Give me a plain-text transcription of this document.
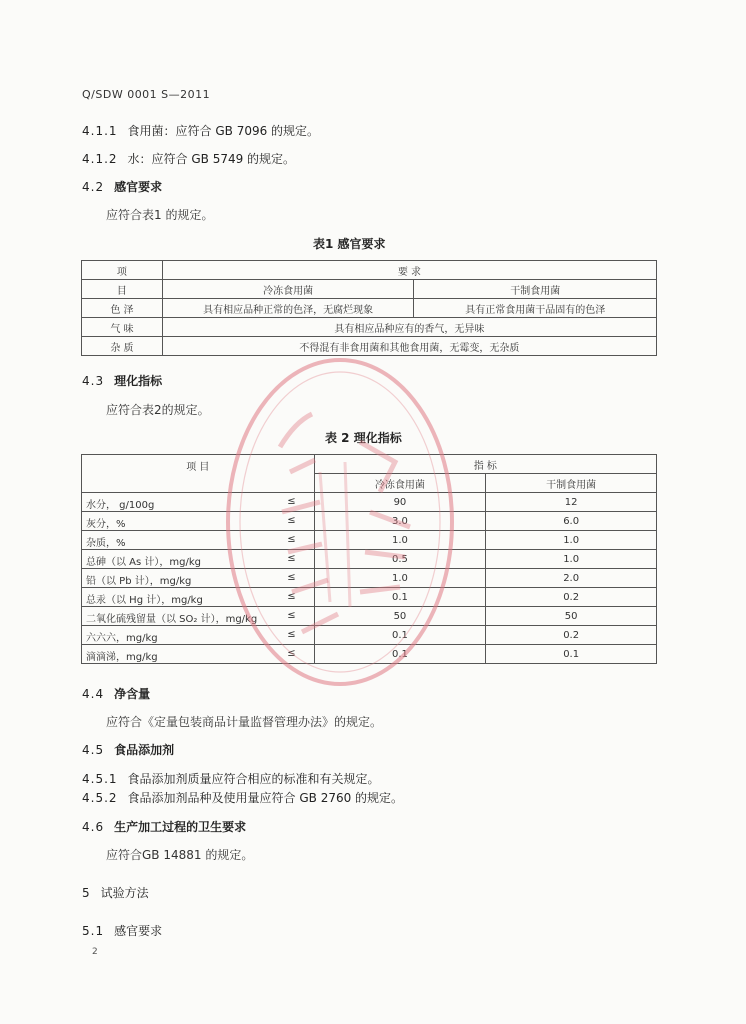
Q/SDW 0001 S—2011
4.1.1 食用菌：应符合 GB 7096 的规定。
4.1.2 水：应符合 GB 5749 的规定。
4.2 感官要求
应符合表1 的规定。
表1 感官要求
项	要 求	
目	冷冻食用菌	干制食用菌
色 泽	具有相应品种正常的色泽，无腐烂现象	具有正常食用菌干品固有的色泽
气 味	具有相应品种应有的香气，无异味	
杂 质	不得混有非食用菌和其他食用菌，无霉变，无杂质	
4.3 理化指标
应符合表2的规定。
表 2 理化指标
项 目	指 标	
	冷冻食用菌	干制食用菌

水分， g/100g ≤	90	12

灰分，% ≤	3.0	6.0

杂质，% ≤	1.0	1.0

总砷（以 As 计），mg/kg ≤	0.5	1.0

铅（以 Pb 计），mg/kg ≤	1.0	2.0

总汞（以 Hg 计），mg/kg ≤	0.1	0.2

二氧化硫残留量（以 SO₂ 计），mg/kg ≤	50	50

六六六，mg/kg ≤	0.1	0.2

滴滴涕，mg/kg ≤	0.1	0.1
4.4 净含量
应符合《定量包装商品计量监督管理办法》的规定。
4.5 食品添加剂
4.5.1 食品添加剂质量应符合相应的标准和有关规定。
4.5.2 食品添加剂品种及使用量应符合 GB 2760 的规定。
4.6 生产加工过程的卫生要求
应符合GB 14881 的规定。
5 试验方法
5.1 感官要求
2
